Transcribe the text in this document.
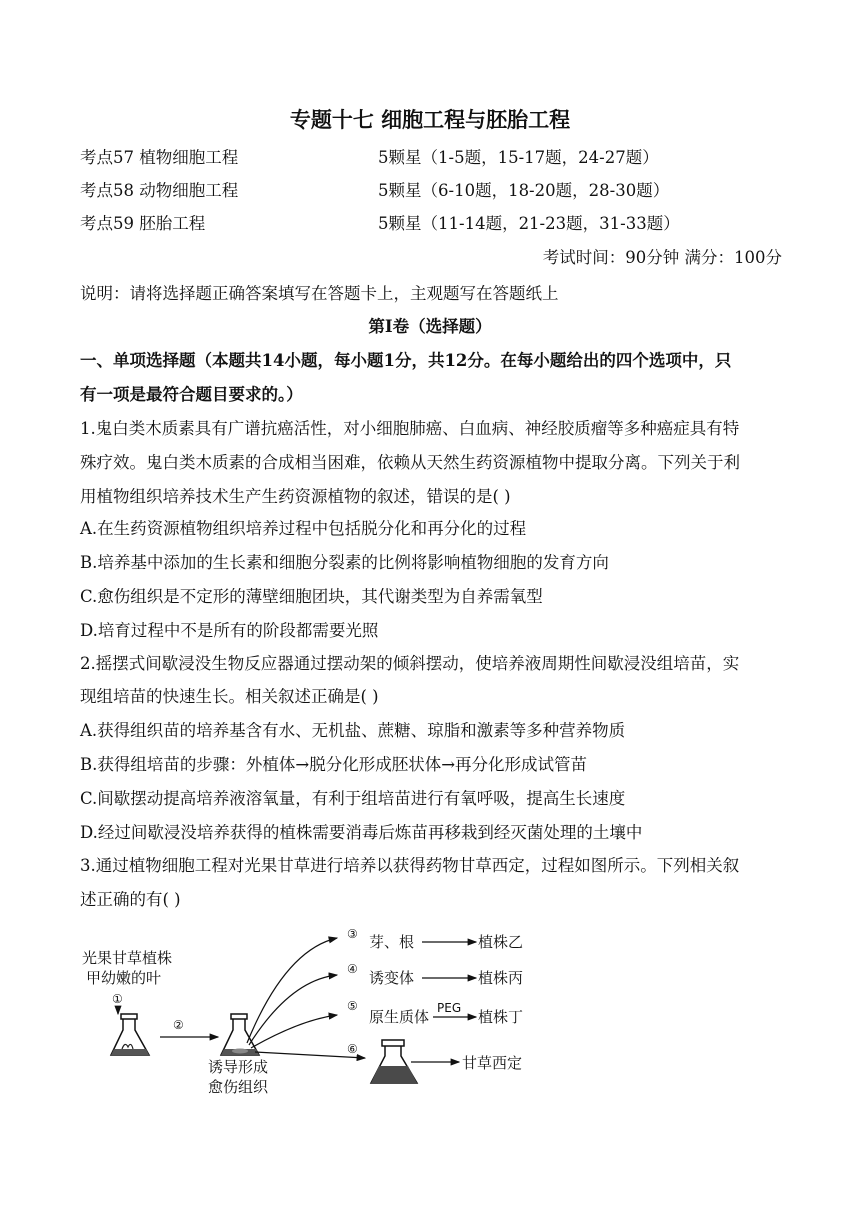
专题十七 细胞工程与胚胎工程
考点57 植物细胞工程	5颗星（1-5题，15-17题，24-27题）
考点58 动物细胞工程	5颗星（6-10题，18-20题，28-30题）
考点59 胚胎工程	5颗星（11-14题，21-23题，31-33题）
考试时间：90分钟 满分：100分
说明：请将选择题正确答案填写在答题卡上，主观题写在答题纸上
第I卷（选择题）
一、单项选择题（本题共14小题，每小题1分，共12分。在每小题给出的四个选项中，只
有一项是最符合题目要求的。）
1.鬼白类木质素具有广谱抗癌活性，对小细胞肺癌、白血病、神经胶质瘤等多种癌症具有特
殊疗效。鬼白类木质素的合成相当困难，依赖从天然生药资源植物中提取分离。下列关于利
用植物组织培养技术生产生药资源植物的叙述，错误的是( )
A.在生药资源植物组织培养过程中包括脱分化和再分化的过程
B.培养基中添加的生长素和细胞分裂素的比例将影响植物细胞的发育方向
C.愈伤组织是不定形的薄壁细胞团块，其代谢类型为自养需氧型
D.培育过程中不是所有的阶段都需要光照
2.摇摆式间歇浸没生物反应器通过摆动架的倾斜摆动，使培养液周期性间歇浸没组培苗，实
现组培苗的快速生长。相关叙述正确是( )
A.获得组织苗的培养基含有水、无机盐、蔗糖、琼脂和激素等多种营养物质
B.获得组培苗的步骤：外植体→脱分化形成胚状体→再分化形成试管苗
C.间歇摆动提高培养液溶氧量，有利于组培苗进行有氧呼吸，提高生长速度
D.经过间歇浸没培养获得的植株需要消毒后炼苗再移栽到经灭菌处理的土壤中
3.通过植物细胞工程对光果甘草进行培养以获得药物甘草西定，过程如图所示。下列相关叙
述正确的有( )
光果甘草植株
甲幼嫩的叶
①
②
诱导形成
愈伤组织
③ 芽、根	植株乙
④ 诱变体	植株丙
⑤
原生质体 PEG 植株丁
⑥
甘草西定
